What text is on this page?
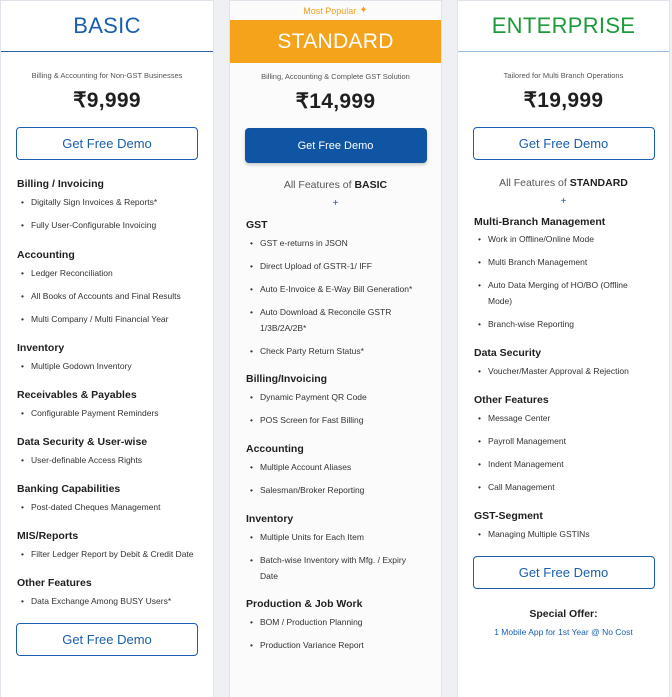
BASIC
Billing & Accounting for Non-GST Businesses
₹9,999
Get Free Demo
Billing / Invoicing
• Digitally Sign Invoices & Reports*
• Fully User-Configurable Invoicing
Accounting
• Ledger Reconciliation
• All Books of Accounts and Final Results
• Multi Company / Multi Financial Year
Inventory
• Multiple Godown Inventory
Receivables & Payables
• Configurable Payment Reminders
Data Security & User-wise
• User-definable Access Rights
Banking Capabilities
• Post-dated Cheques Management
MIS/Reports
• Filter Ledger Report by Debit & Credit Date
Other Features
• Data Exchange Among BUSY Users*
Get Free Demo
Most Popular ✦
STANDARD
Billing, Accounting & Complete GST Solution
₹14,999
Get Free Demo
All Features of BASIC
+
GST
• GST e-returns in JSON
• Direct Upload of GSTR-1/ IFF
• Auto E-Invoice & E-Way Bill Generation*
• Auto Download & Reconcile GSTR 1/3B/2A/2B*
• Check Party Return Status*
Billing/Invoicing
• Dynamic Payment QR Code
• POS Screen for Fast Billing
Accounting
• Multiple Account Aliases
• Salesman/Broker Reporting
Inventory
• Multiple Units for Each Item
• Batch-wise Inventory with Mfg. / Expiry Date
Production & Job Work
• BOM / Production Planning
• Production Variance Report
ENTERPRISE
Tailored for Multi Branch Operations
₹19,999
Get Free Demo
All Features of STANDARD
+
Multi-Branch Management
• Work in Offline/Online Mode
• Multi Branch Management
• Auto Data Merging of HO/BO (Offline Mode)
• Branch-wise Reporting
Data Security
• Voucher/Master Approval & Rejection
Other Features
• Message Center
• Payroll Management
• Indent Management
• Call Management
GST-Segment
• Managing Multiple GSTINs
Get Free Demo
Special Offer:
1 Mobile App for 1st Year @ No Cost
